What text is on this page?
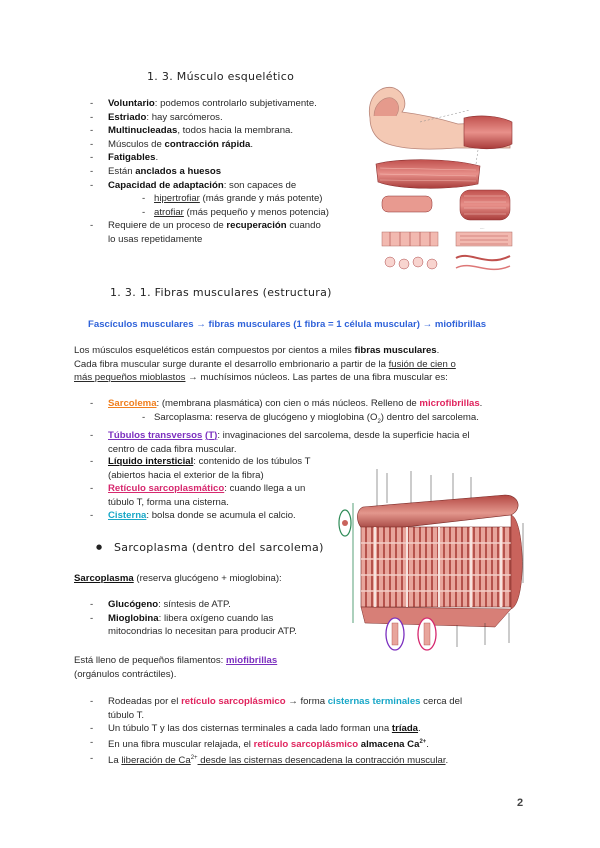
1. 3. Músculo esquelético
- Voluntario: podemos controlarlo subjetivamente.
- Estriado: hay sarcómeros.
- Multinucleadas, todos hacia la membrana.
- Músculos de contracción rápida.
- Fatigables.
- Están anclados a huesos
- Capacidad de adaptación: son capaces de
- hipertrofiar (más grande y más potente)
- atrofiar (más pequeño y menos potencia)
- Requiere de un proceso de recuperación cuando
lo usas repetidamente
····
1. 3. 1. Fibras musculares (estructura)
Fascículos musculares → fibras musculares (1 fibra = 1 célula muscular) → miofibrillas
Los músculos esqueléticos están compuestos por cientos a miles fibras musculares.
Cada fibra muscular surge durante el desarrollo embrionario a partir de la fusión de cien o
más pequeños mioblastos → muchísimos núcleos. Las partes de una fibra muscular es:
- Sarcolema: (membrana plasmática) con cien o más núcleos. Relleno de microfibrillas.
- Sarcoplasma: reserva de glucógeno y mioglobina $(O_2)$ dentro del sarcolema.
- Túbulos transversos (T): invaginaciones del sarcolema, desde la superficie hacia el
centro de cada fibra muscular.
- Líquido intersticial: contenido de los túbulos T
(abiertos hacia el exterior de la fibra)
- Retículo sarcoplasmático: cuando llega a un
túbulo T, forma una cisterna.
- Cisterna: bolsa donde se acumula el calcio.
Sarcoplasma (dentro del sarcolema)
Sarcoplasma (reserva glucógeno + mioglobina):
- Glucógeno: síntesis de ATP.
- Mioglobina: libera oxígeno cuando las
mitocondrias lo necesitan para producir ATP.
Está lleno de pequeños filamentos: miofibrillas
(orgánulos contráctiles).
- Rodeadas por el retículo sarcoplásmico → forma cisternas terminales cerca del
túbulo T.
- Un túbulo T y las dos cisternas terminales a cada lado forman una tríada.
- En una fibra muscular relajada, el retículo sarcoplásmico almacena $Ca^{2+}$.
- La liberación de $Ca^{2+}$ desde las cisternas desencadena la contracción muscular.
2
